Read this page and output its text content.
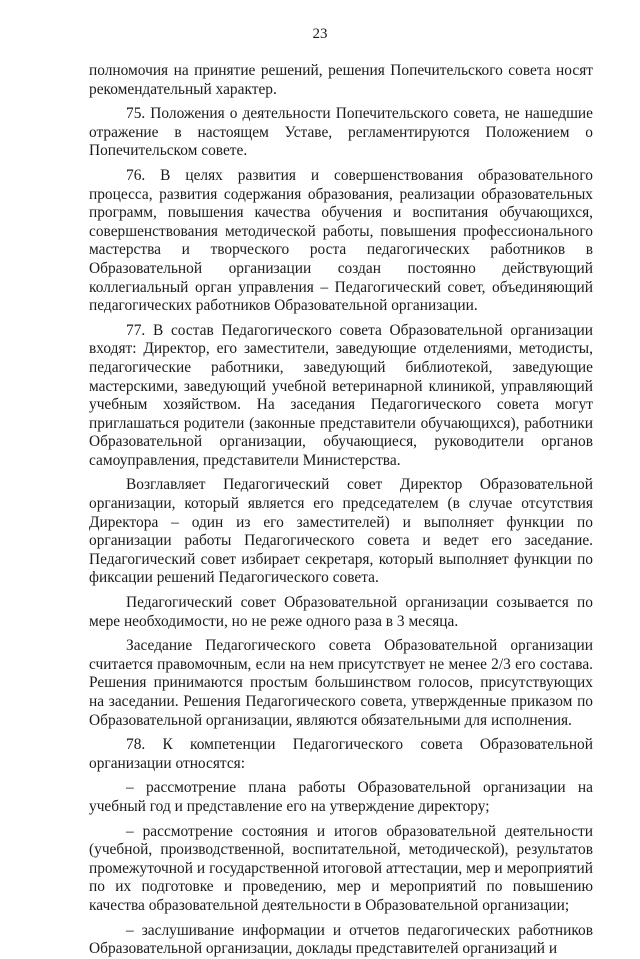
23

полномочия на принятие решений, решения Попечительского совета носят рекомендательный характер.

75. Положения о деятельности Попечительского совета, не нашедшие отражение в настоящем Уставе, регламентируются Положением о Попечительском совете.

76. В целях развития и совершенствования образовательного процесса, развития содержания образования, реализации образовательных программ, повышения качества обучения и воспитания обучающихся, совершенствования методической работы, повышения профессионального мастерства и творческого роста педагогических работников в Образовательной организации создан постоянно действующий коллегиальный орган управления – Педагогический совет, объединяющий педагогических работников Образовательной организации.

77. В состав Педагогического совета Образовательной организации входят: Директор, его заместители, заведующие отделениями, методисты, педагогические работники, заведующий библиотекой, заведующие мастерскими, заведующий учебной ветеринарной клиникой, управляющий учебным хозяйством. На заседания Педагогического совета могут приглашаться родители (законные представители обучающихся), работники Образовательной организации, обучающиеся, руководители органов самоуправления, представители Министерства.

Возглавляет Педагогический совет Директор Образовательной организации, который является его председателем (в случае отсутствия Директора – один из его заместителей) и выполняет функции по организации работы Педагогического совета и ведет его заседание. Педагогический совет избирает секретаря, который выполняет функции по фиксации решений Педагогического совета.

Педагогический совет Образовательной организации созывается по мере необходимости, но не реже одного раза в 3 месяца.

Заседание Педагогического совета Образовательной организации считается правомочным, если на нем присутствует не менее 2/3 его состава. Решения принимаются простым большинством голосов, присутствующих на заседании. Решения Педагогического совета, утвержденные приказом по Образовательной организации, являются обязательными для исполнения.

78. К компетенции Педагогического совета Образовательной организации относятся:

– рассмотрение плана работы Образовательной организации на учебный год и представление его на утверждение директору;

– рассмотрение состояния и итогов образовательной деятельности (учебной, производственной, воспитательной, методической), результатов промежуточной и государственной итоговой аттестации, мер и мероприятий по их подготовке и проведению, мер и мероприятий по повышению качества образовательной деятельности в Образовательной организации;

– заслушивание информации и отчетов педагогических работников Образовательной организации, доклады представителей организаций и
